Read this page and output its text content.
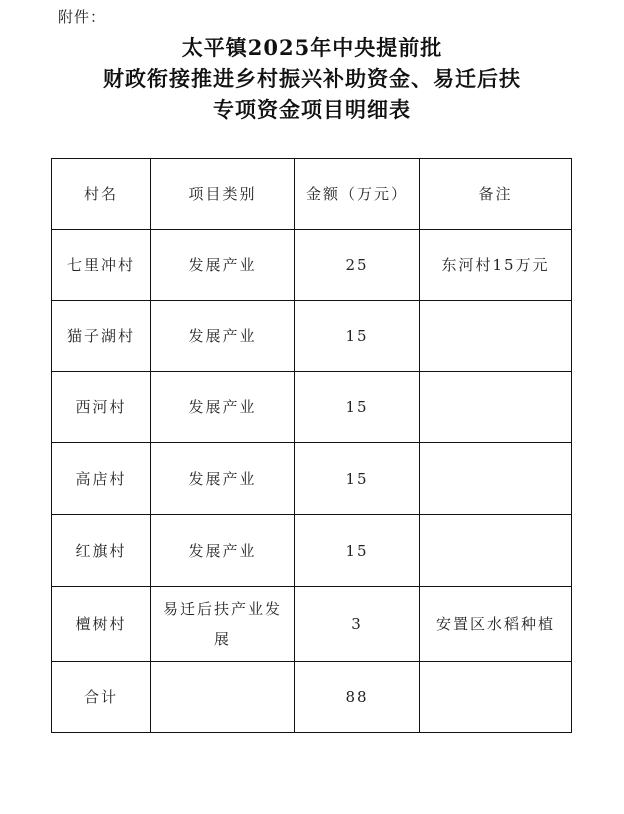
附件：
太平镇2025年中央提前批
财政衔接推进乡村振兴补助资金、易迁后扶
专项资金项目明细表
村名	项目类别	金额（万元）	备注
七里冲村	发展产业	25	东河村15万元
猫子湖村	发展产业	15	
西河村	发展产业	15	
高店村	发展产业	15	
红旗村	发展产业	15	
檀树村	易迁后扶产业发展	3	安置区水稻种植
合计		88	
